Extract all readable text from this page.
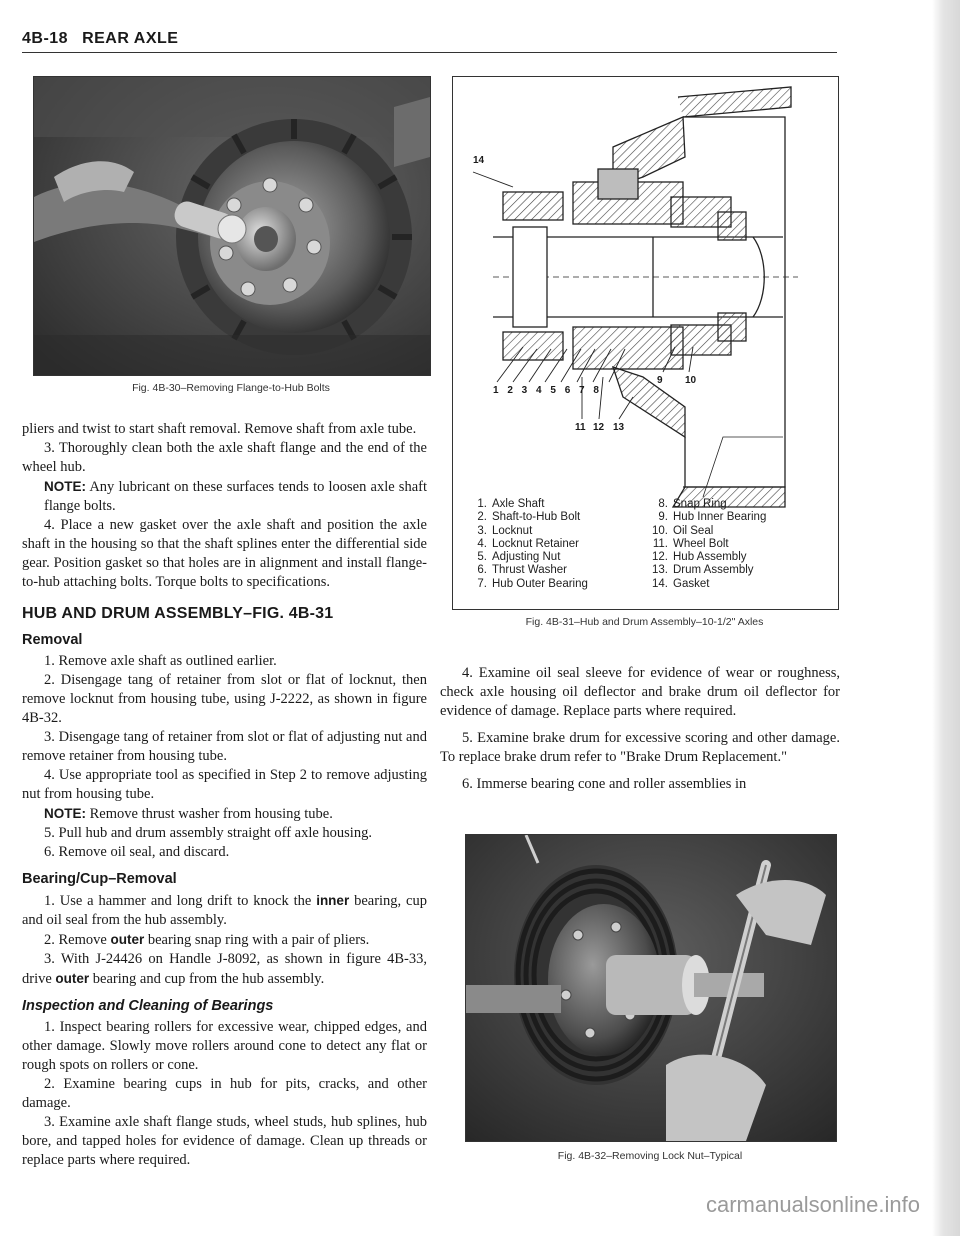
4B-18 REAR AXLE
Fig. 4B-30–Removing Flange-to-Hub Bolts

pliers and twist to start shaft removal. Remove shaft from axle tube.

3. Thoroughly clean both the axle shaft flange and the end of the wheel hub.

NOTE: Any lubricant on these surfaces tends to loosen axle shaft flange bolts.

4. Place a new gasket over the axle shaft and position the axle shaft in the housing so that the shaft splines enter the differential side gear. Position gasket so that holes are in alignment and install flange-to-hub attaching bolts. Torque bolts to specifications.

HUB AND DRUM ASSEMBLY–FIG. 4B-31
Removal

1. Remove axle shaft as outlined earlier.

2. Disengage tang of retainer from slot or flat of locknut, then remove locknut from housing tube, using J-2222, as shown in figure 4B-32.

3. Disengage tang of retainer from slot or flat of adjusting nut and remove retainer from housing tube.

4. Use appropriate tool as specified in Step 2 to remove adjusting nut from housing tube.

NOTE: Remove thrust washer from housing tube.

5. Pull hub and drum assembly straight off axle housing.

6. Remove oil seal, and discard.

Bearing/Cup–Removal

1. Use a hammer and long drift to knock the inner bearing, cup and oil seal from the hub assembly.

2. Remove outer bearing snap ring with a pair of pliers.

3. With J-24426 on Handle J-8092, as shown in figure 4B-33, drive outer bearing and cup from the hub assembly.

Inspection and Cleaning of Bearings

1. Inspect bearing rollers for excessive wear, chipped edges, and other damage. Slowly move rollers around cone to detect any flat or rough spots on rollers or cone.

2. Examine bearing cups in hub for pits, cracks, and other damage.

3. Examine axle shaft flange studs, wheel studs, hub splines, hub bore, and tapped holes for evidence of damage. Clean up threads or replace parts where required.

14
1 2 3 4 5 6 7 8
9 10
11 12 13
1. Axle Shaft
2. Shaft-to-Hub Bolt
3. Locknut
4. Locknut Retainer
5. Adjusting Nut
6. Thrust Washer
7. Hub Outer Bearing
8. Snap Ring
9. Hub Inner Bearing
10. Oil Seal
11. Wheel Bolt
12. Hub Assembly
13. Drum Assembly
14. Gasket
Fig. 4B-31–Hub and Drum Assembly–10-1/2" Axles

4. Examine oil seal sleeve for evidence of wear or roughness, check axle housing oil deflector and brake drum oil deflector for evidence of damage. Replace parts where required.

5. Examine brake drum for excessive scoring and other damage. To replace brake drum refer to "Brake Drum Replacement."

6. Immerse bearing cone and roller assemblies in

Fig. 4B-32–Removing Lock Nut–Typical
carmanualsonline.info
